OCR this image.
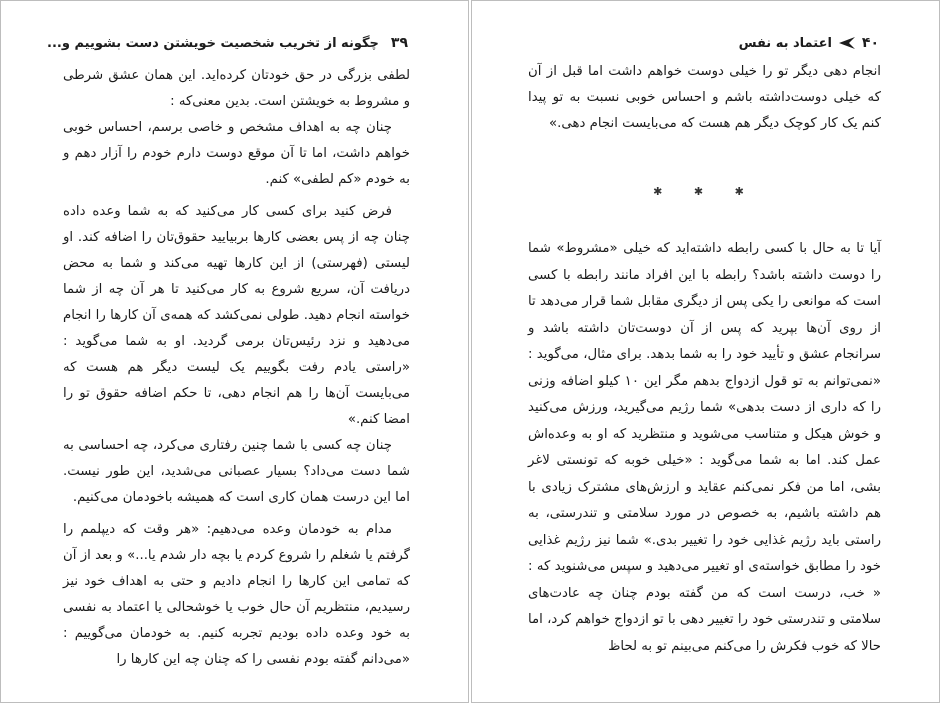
۳۹
چگونه از تخریب شخصیت خویشتن دست بشوییم و...

لطفی بزرگی در حق خودتان کرده‌اید. این همان عشق شرطی و مشروط به خویشتن است. بدین معنی‌که :

چنان چه به اهداف مشخص و خاصی برسم، احساس خوبی خواهم داشت، اما تا آن موقع دوست دارم خودم را آزار دهم و به خودم «کم لطفی» کنم.

فرض کنید برای کسی کار می‌کنید که به شما وعده داده چنان چه از پس بعضی کارها بربیایید حقوق‌تان را اضافه کند. او لیستی (فهرستی) از این کارها تهیه می‌کند و شما به محض دریافت آن، سریع شروع به کار می‌کنید تا هر آن چه از شما خواسته انجام دهید. طولی نمی‌کشد که همه‌ی آن کارها را انجام می‌دهید و نزد رئیس‌تان برمی گردید. او به شما می‌گوید : «راستی یادم رفت بگوییم یک لیست دیگر هم هست که می‌بایست آن‌ها را هم انجام دهی، تا حکم اضافه حقوق تو را امضا کنم.»

چنان چه کسی با شما چنین رفتاری می‌کرد، چه احساسی به شما دست می‌داد؟ بسیار عصبانی می‌شدید، این طور نیست. اما این درست همان کاری است که همیشه باخودمان می‌کنیم.

مدام به خودمان وعده می‌دهیم: «هر وقت که دیپلمم را گرفتم یا شغلم را شروع کردم یا بچه دار شدم یا...» و بعد از آن که تمامی این کارها را انجام دادیم و حتی به اهداف خود نیز رسیدیم، منتظریم آن حال خوب یا خوشحالی یا اعتماد به نفسی به خود وعده داده بودیم تجربه کنیم. به خودمان می‌گوییم : «می‌دانم گفته بودم نفسی را که چنان چه این کارها را

۴۰
اعتماد به نفس

انجام دهی دیگر تو را خیلی دوست خواهم داشت اما قبل از آن که خیلی دوست‌داشته باشم و احساس خوبی نسبت به تو پیدا کنم یک کار کوچک دیگر هم هست که می‌بایست انجام دهی.»

✱ ✱ ✱

آیا تا به حال با کسی رابطه داشته‌اید که خیلی «مشروط» شما را دوست داشته باشد؟ رابطه با این افراد مانند رابطه با کسی است که موانعی را یکی پس از دیگری مقابل شما قرار می‌دهد تا از روی آن‌ها بپرید که پس از آن دوست‌تان داشته باشد و سرانجام عشق و تأیید خود را به شما بدهد. برای مثال، می‌گوید : «نمی‌توانم به تو قول ازدواج بدهم مگر این ۱۰ کیلو اضافه وزنی را که داری از دست بدهی» شما رژیم می‌گیرید، ورزش می‌کنید و خوش هیکل و متناسب می‌شوید و منتظرید که او به وعده‌اش عمل کند. اما به شما می‌گوید : «خیلی خوبه که تونستی لاغر بشی، اما من فکر نمی‌کنم عقاید و ارزش‌های مشترک زیادی با هم داشته باشیم، به خصوص در مورد سلامتی و تندرستی، به راستی باید رژیم غذایی خود را تغییر بدی.» شما نیز رژیم غذایی خود را مطابق خواسته‌ی او تغییر می‌دهید و سپس می‌شنوید که : « خب، درست است که من گفته بودم چنان چه عادت‌های سلامتی و تندرستی خود را تغییر دهی با تو ازدواج خواهم کرد، اما حالا که خوب فکرش را می‌کنم می‌بینم تو به لحاظ
